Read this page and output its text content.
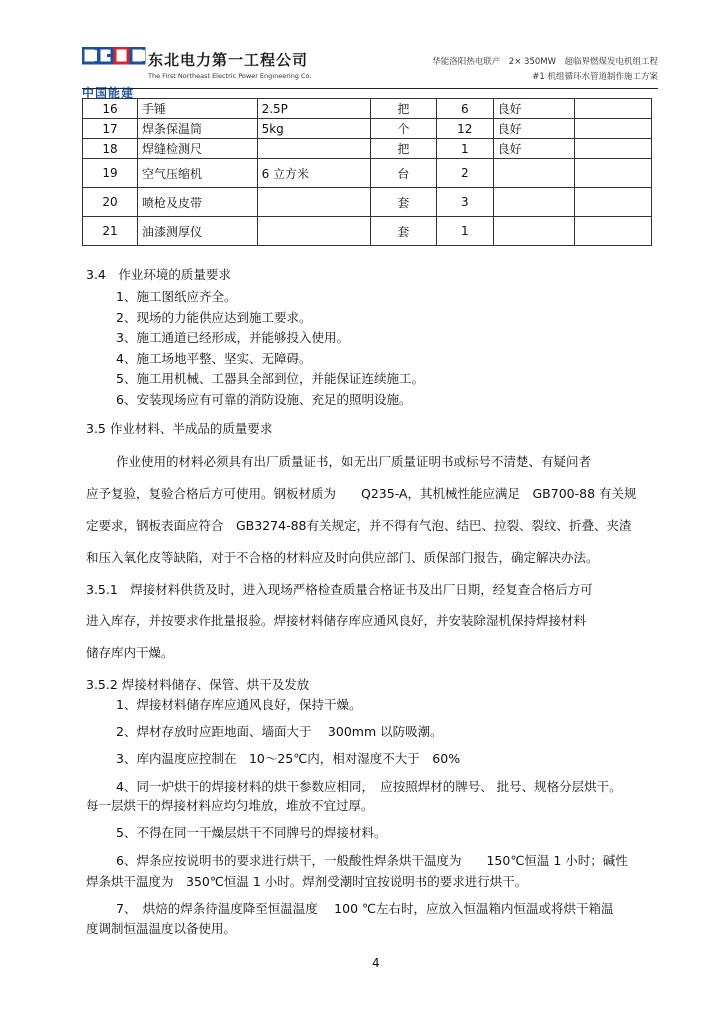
中国能建
东北电力第一工程公司
The First Northeast Electric Power Engineering Co.
华能洛阳热电联产　2× 350MW　超临界燃煤发电机组工程
#1 机组循环水管道制作施工方案
16	手锤	2.5P	把	6	良好	
17	焊条保温筒	5kg	个	12	良好	
18	焊缝检测尺		把	1	良好	
19	空气压缩机	6 立方米	台	2		
20	喷枪及皮带		套	3		
21	油漆测厚仪		套	1		
3.4　作业环境的质量要求
1、施工图纸应齐全。
2、现场的力能供应达到施工要求。
3、施工通道已经形成，并能够投入使用。
4、施工场地平整、坚实、无障碍。
5、施工用机械、工器具全部到位，并能保证连续施工。
6、安装现场应有可靠的消防设施、充足的照明设施。
3.5 作业材料、半成品的质量要求
作业使用的材料必须具有出厂质量证书，如无出厂质量证明书或标号不清楚、有疑问者
应予复验，复验合格后方可使用。钢板材质为　　Q235-A，其机械性能应满足　GB700-88 有关规
定要求，钢板表面应符合　GB3274-88有关规定，并不得有气泡、结巴、拉裂、裂纹、折叠、夹渣
和压入氧化皮等缺陷，对于不合格的材料应及时向供应部门、质保部门报告，确定解决办法。
3.5.1　焊接材料供货及时，进入现场严格检查质量合格证书及出厂日期，经复查合格后方可
进入库存，并按要求作批量报验。焊接材料储存库应通风良好，并安装除湿机保持焊接材料
储存库内干燥。
3.5.2 焊接材料储存、保管、烘干及发放
1、焊接材料储存库应通风良好，保持干燥。
2、焊材存放时应距地面、墙面大于　 300mm 以防吸潮。
3、库内温度应控制在　10～25℃内，相对湿度不大于　60%
4、同一炉烘干的焊接材料的烘干参数应相同，　应按照焊材的牌号、 批号、规格分层烘干。
每一层烘干的焊接材料应均匀堆放，堆放不宜过厚。
5、不得在同一干燥层烘干不同牌号的焊接材料。
6、焊条应按说明书的要求进行烘干，一般酸性焊条烘干温度为　　150℃恒温 1 小时；碱性
焊条烘干温度为　350℃恒温 1 小时。焊剂受潮时宜按说明书的要求进行烘干。
7、　烘焙的焊条待温度降至恒温温度　 100 ℃左右时，应放入恒温箱内恒温或将烘干箱温
度调制恒温温度以备使用。
4
